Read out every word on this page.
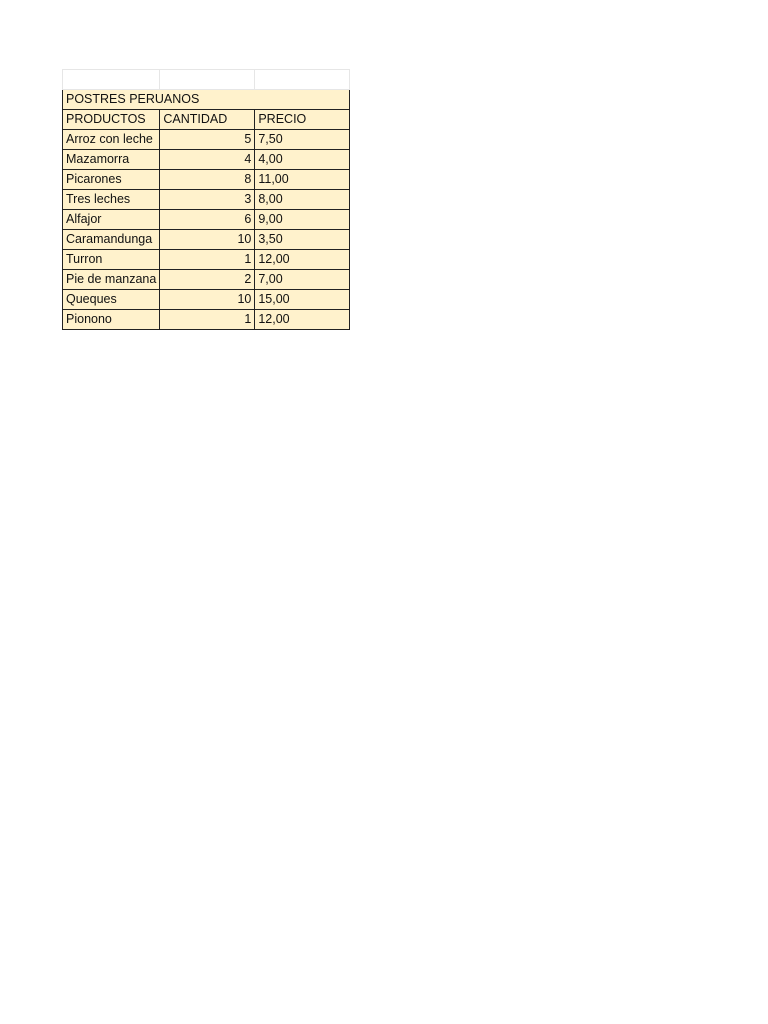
POSTRES PERUANOS		
PRODUCTOS	CANTIDAD	PRECIO
Arroz con leche	5	7,50
Mazamorra	4	4,00
Picarones	8	11,00
Tres leches	3	8,00
Alfajor	6	9,00
Caramandunga	10	3,50
Turron	1	12,00
Pie de manzana	2	7,00
Queques	10	15,00
Pionono	1	12,00
